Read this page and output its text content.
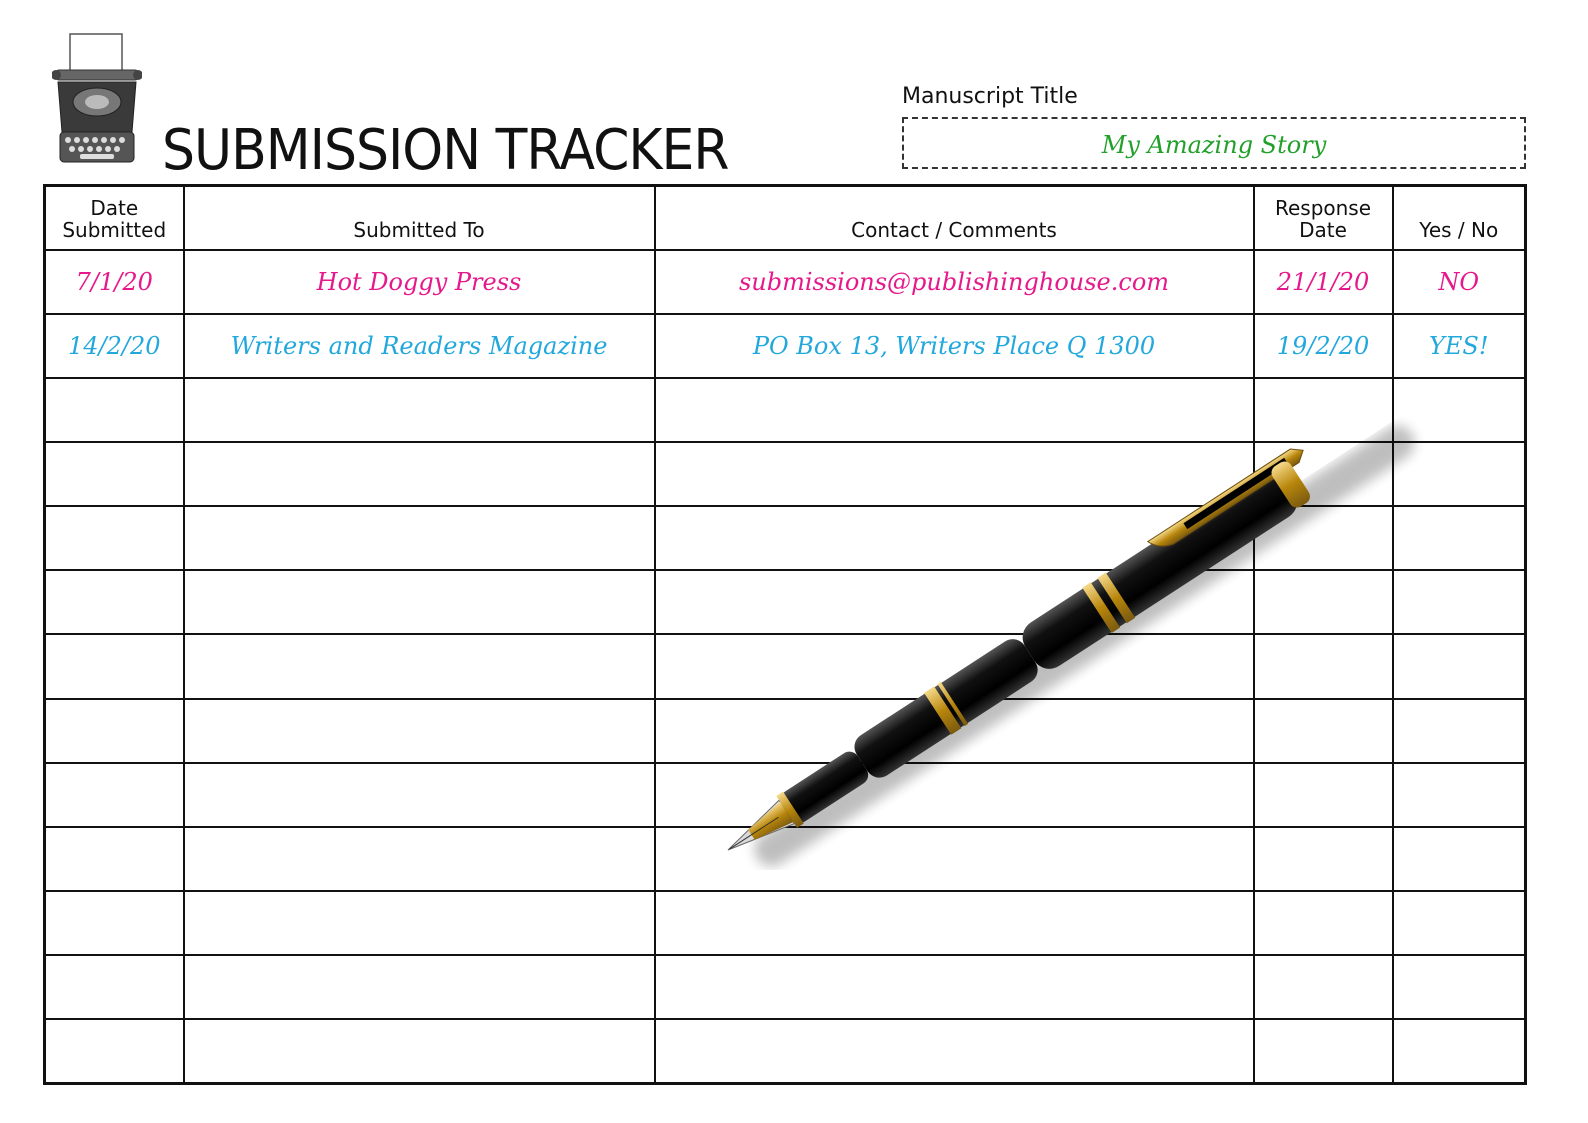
SUBMISSION TRACKER
Manuscript Title
My Amazing Story
Date Submitted	Submitted To	Contact / Comments	Response Date	Yes / No
7/1/20	Hot Doggy Press	submissions@publishinghouse.com	21/1/20	NO
14/2/20	Writers and Readers Magazine	PO Box 13, Writers Place Q 1300	19/2/20	YES!
